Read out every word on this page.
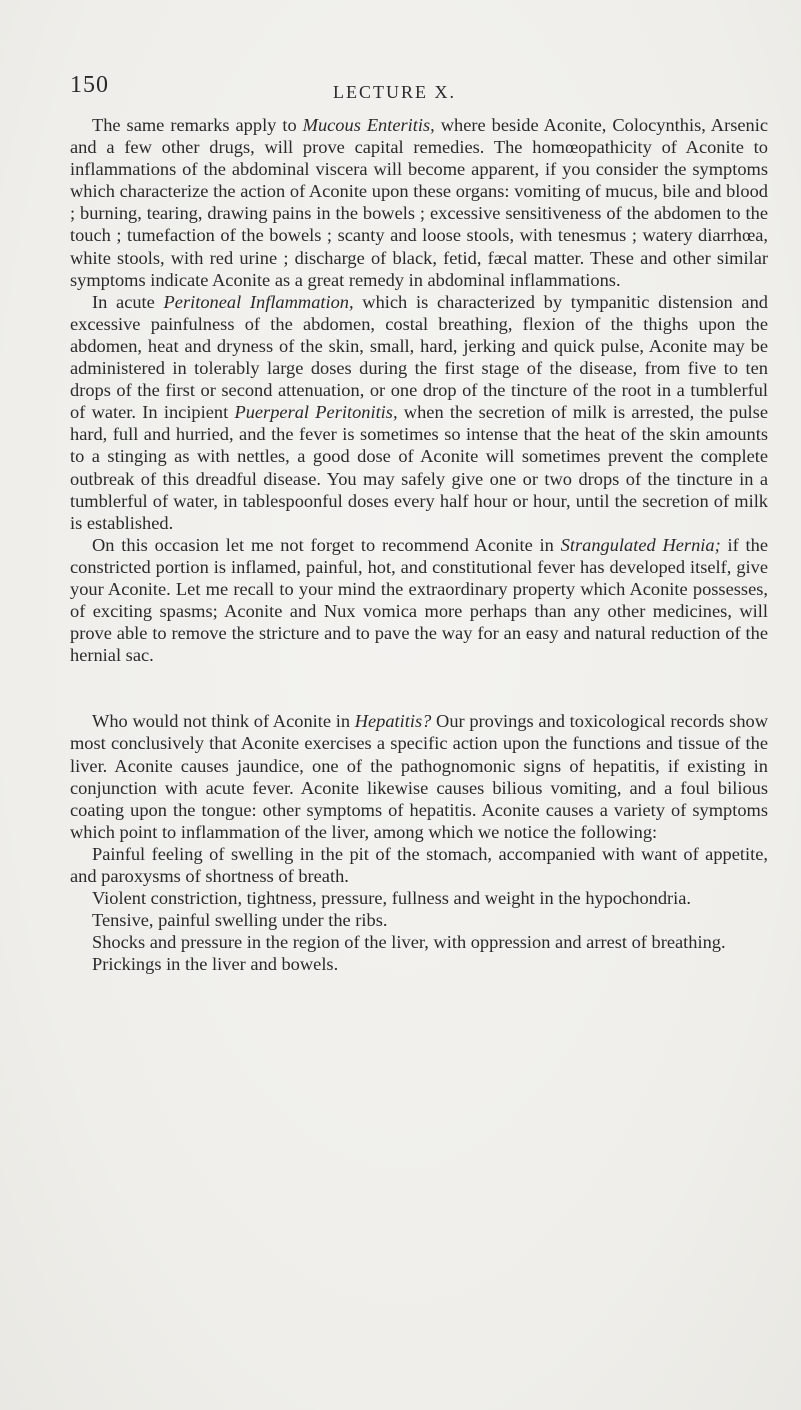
150	LECTURE X.

The same remarks apply to Mucous Enteritis, where beside Aconite, Colocynthis, Arsenic and a few other drugs, will prove capital remedies. The homœopathicity of Aconite to inflammations of the abdominal viscera will become apparent, if you consider the symptoms which characterize the action of Aconite upon these organs: vomiting of mucus, bile and blood ; burning, tearing, drawing pains in the bowels ; excessive sensitiveness of the abdomen to the touch ; tumefaction of the bowels ; scanty and loose stools, with tenesmus ; watery diarrhœa, white stools, with red urine ; discharge of black, fetid, fæcal matter. These and other similar symptoms indicate Aconite as a great remedy in abdominal inflammations.

In acute Peritoneal Inflammation, which is characterized by tympanitic distension and excessive painfulness of the abdomen, costal breathing, flexion of the thighs upon the abdomen, heat and dryness of the skin, small, hard, jerking and quick pulse, Aconite may be administered in tolerably large doses during the first stage of the disease, from five to ten drops of the first or second attenuation, or one drop of the tincture of the root in a tumblerful of water. In incipient Puerperal Peritonitis, when the secretion of milk is arrested, the pulse hard, full and hurried, and the fever is sometimes so intense that the heat of the skin amounts to a stinging as with nettles, a good dose of Aconite will sometimes prevent the complete outbreak of this dreadful disease. You may safely give one or two drops of the tincture in a tumblerful of water, in tablespoonful doses every half hour or hour, until the secretion of milk is established.

On this occasion let me not forget to recommend Aconite in Strangulated Hernia; if the constricted portion is inflamed, painful, hot, and constitutional fever has developed itself, give your Aconite. Let me recall to your mind the extraordinary property which Aconite possesses, of exciting spasms; Aconite and Nux vomica more perhaps than any other medicines, will prove able to remove the stricture and to pave the way for an easy and natural reduction of the hernial sac.

Who would not think of Aconite in Hepatitis? Our provings and toxicological records show most conclusively that Aconite exercises a specific action upon the functions and tissue of the liver. Aconite causes jaundice, one of the pathognomonic signs of hepatitis, if existing in conjunction with acute fever. Aconite likewise causes bilious vomiting, and a foul bilious coating upon the tongue: other symptoms of hepatitis. Aconite causes a variety of symptoms which point to inflammation of the liver, among which we notice the following:

Painful feeling of swelling in the pit of the stomach, accompanied with want of appetite, and paroxysms of shortness of breath.

Violent constriction, tightness, pressure, fullness and weight in the hypochondria.

Tensive, painful swelling under the ribs.

Shocks and pressure in the region of the liver, with oppression and arrest of breathing.

Prickings in the liver and bowels.
